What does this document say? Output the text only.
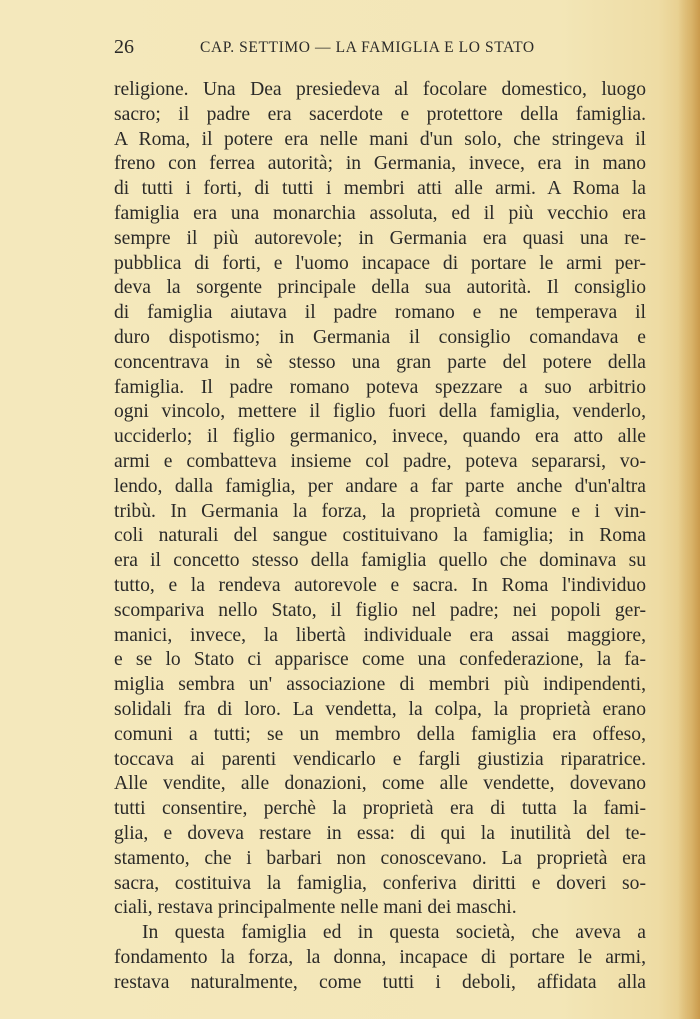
26	CAP. SETTIMO — LA FAMIGLIA E LO STATO
religione. Una Dea presiedeva al focolare domestico, luogo
sacro; il padre era sacerdote e protettore della famiglia.
A Roma, il potere era nelle mani d'un solo, che stringeva il
freno con ferrea autorità; in Germania, invece, era in mano
di tutti i forti, di tutti i membri atti alle armi. A Roma la
famiglia era una monarchia assoluta, ed il più vecchio era
sempre il più autorevole; in Germania era quasi una re-
pubblica di forti, e l'uomo incapace di portare le armi per-
deva la sorgente principale della sua autorità. Il consiglio
di famiglia aiutava il padre romano e ne temperava il
duro dispotismo; in Germania il consiglio comandava e
concentrava in sè stesso una gran parte del potere della
famiglia. Il padre romano poteva spezzare a suo arbitrio
ogni vincolo, mettere il figlio fuori della famiglia, venderlo,
ucciderlo; il figlio germanico, invece, quando era atto alle
armi e combatteva insieme col padre, poteva separarsi, vo-
lendo, dalla famiglia, per andare a far parte anche d'un'altra
tribù. In Germania la forza, la proprietà comune e i vin-
coli naturali del sangue costituivano la famiglia; in Roma
era il concetto stesso della famiglia quello che dominava su
tutto, e la rendeva autorevole e sacra. In Roma l'individuo
scompariva nello Stato, il figlio nel padre; nei popoli ger-
manici, invece, la libertà individuale era assai maggiore,
e se lo Stato ci apparisce come una confederazione, la fa-
miglia sembra un' associazione di membri più indipendenti,
solidali fra di loro. La vendetta, la colpa, la proprietà erano
comuni a tutti; se un membro della famiglia era offeso,
toccava ai parenti vendicarlo e fargli giustizia riparatrice.
Alle vendite, alle donazioni, come alle vendette, dovevano
tutti consentire, perchè la proprietà era di tutta la fami-
glia, e doveva restare in essa: di qui la inutilità del te-
stamento, che i barbari non conoscevano. La proprietà era
sacra, costituiva la famiglia, conferiva diritti e doveri so-
ciali, restava principalmente nelle mani dei maschi.
In questa famiglia ed in questa società, che aveva a
fondamento la forza, la donna, incapace di portare le armi,
restava naturalmente, come tutti i deboli, affidata alla
